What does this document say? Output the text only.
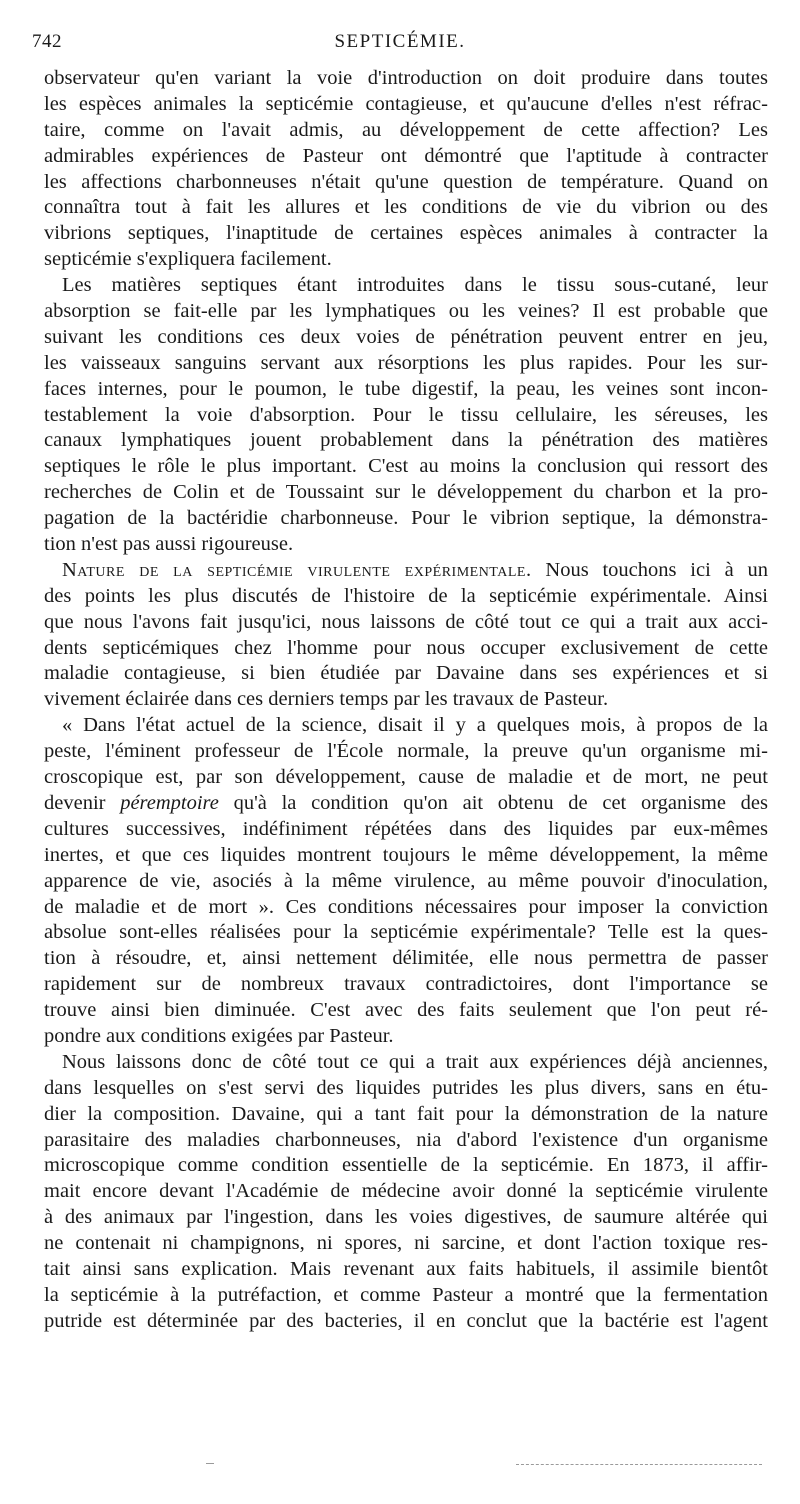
742	SEPTICÉMIE.
observateur qu'en variant la voie d'introduction on doit produire dans toutes
les espèces animales la septicémie contagieuse, et qu'aucune d'elles n'est réfrac-
taire, comme on l'avait admis, au développement de cette affection? Les
admirables expériences de Pasteur ont démontré que l'aptitude à contracter
les affections charbonneuses n'était qu'une question de température. Quand on
connaîtra tout à fait les allures et les conditions de vie du vibrion ou des
vibrions septiques, l'inaptitude de certaines espèces animales à contracter la
septicémie s'expliquera facilement.
Les matières septiques étant introduites dans le tissu sous-cutané, leur
absorption se fait-elle par les lymphatiques ou les veines? Il est probable que
suivant les conditions ces deux voies de pénétration peuvent entrer en jeu,
les vaisseaux sanguins servant aux résorptions les plus rapides. Pour les sur-
faces internes, pour le poumon, le tube digestif, la peau, les veines sont incon-
testablement la voie d'absorption. Pour le tissu cellulaire, les séreuses, les
canaux lymphatiques jouent probablement dans la pénétration des matières
septiques le rôle le plus important. C'est au moins la conclusion qui ressort des
recherches de Colin et de Toussaint sur le développement du charbon et la pro-
pagation de la bactéridie charbonneuse. Pour le vibrion septique, la démonstra-
tion n'est pas aussi rigoureuse.
Nature de la septicémie virulente expérimentale. Nous touchons ici à un
des points les plus discutés de l'histoire de la septicémie expérimentale. Ainsi
que nous l'avons fait jusqu'ici, nous laissons de côté tout ce qui a trait aux acci-
dents septicémiques chez l'homme pour nous occuper exclusivement de cette
maladie contagieuse, si bien étudiée par Davaine dans ses expériences et si
vivement éclairée dans ces derniers temps par les travaux de Pasteur.
« Dans l'état actuel de la science, disait il y a quelques mois, à propos de la
peste, l'éminent professeur de l'École normale, la preuve qu'un organisme mi-
croscopique est, par son développement, cause de maladie et de mort, ne peut
devenir péremptoire qu'à la condition qu'on ait obtenu de cet organisme des
cultures successives, indéfiniment répétées dans des liquides par eux-mêmes
inertes, et que ces liquides montrent toujours le même développement, la même
apparence de vie, asociés à la même virulence, au même pouvoir d'inoculation,
de maladie et de mort ». Ces conditions nécessaires pour imposer la conviction
absolue sont-elles réalisées pour la septicémie expérimentale? Telle est la ques-
tion à résoudre, et, ainsi nettement délimitée, elle nous permettra de passer
rapidement sur de nombreux travaux contradictoires, dont l'importance se
trouve ainsi bien diminuée. C'est avec des faits seulement que l'on peut ré-
pondre aux conditions exigées par Pasteur.
Nous laissons donc de côté tout ce qui a trait aux expériences déjà anciennes,
dans lesquelles on s'est servi des liquides putrides les plus divers, sans en étu-
dier la composition. Davaine, qui a tant fait pour la démonstration de la nature
parasitaire des maladies charbonneuses, nia d'abord l'existence d'un organisme
microscopique comme condition essentielle de la septicémie. En 1873, il affir-
mait encore devant l'Académie de médecine avoir donné la septicémie virulente
à des animaux par l'ingestion, dans les voies digestives, de saumure altérée qui
ne contenait ni champignons, ni spores, ni sarcine, et dont l'action toxique res-
tait ainsi sans explication. Mais revenant aux faits habituels, il assimile bientôt
la septicémie à la putréfaction, et comme Pasteur a montré que la fermentation
putride est déterminée par des bacteries, il en conclut que la bactérie est l'agent
